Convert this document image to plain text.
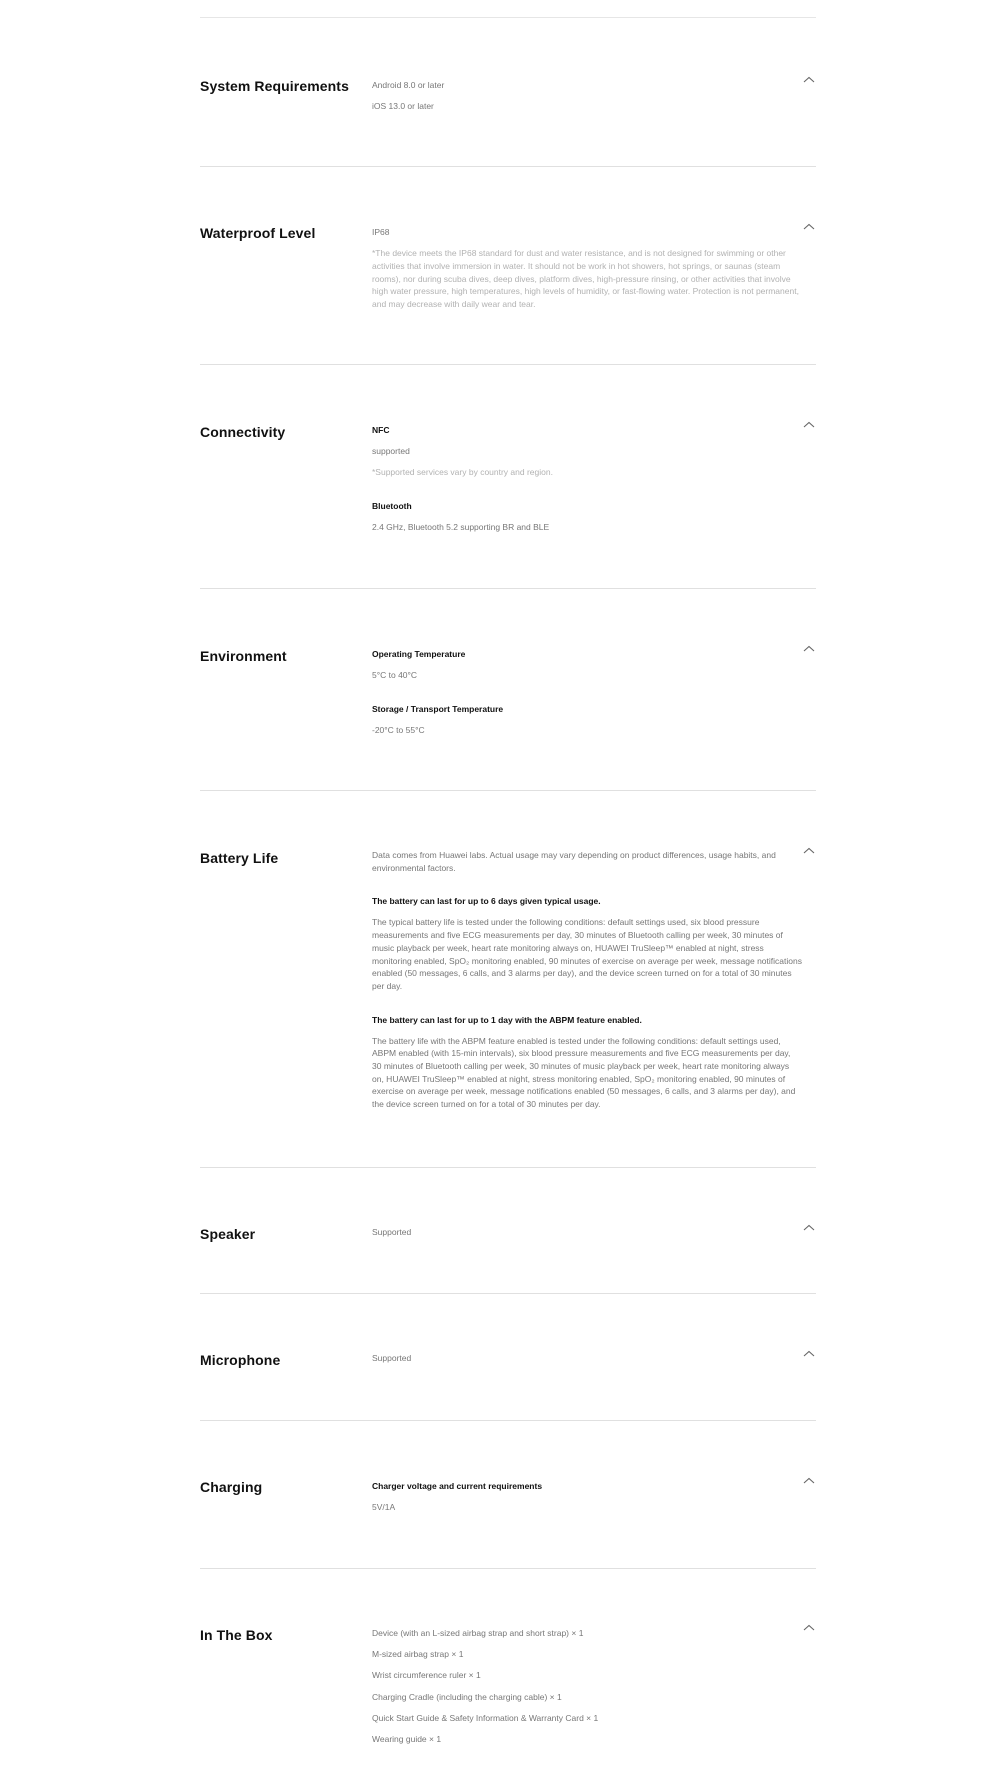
System Requirements	Android 8.0 or later

iOS 13.0 or later

Waterproof Level	IP68

*The device meets the IP68 standard for dust and water resistance, and is not designed for swimming or other activities that involve immersion in water. It should not be work in hot showers, hot springs, or saunas (steam rooms), nor during scuba dives, deep dives, platform dives, high-pressure rinsing, or other activities that involve high water pressure, high temperatures, high levels of humidity, or fast-flowing water. Protection is not permanent, and may decrease with daily wear and tear.

Connectivity	NFC

supported

*Supported services vary by country and region.

Bluetooth

2.4 GHz, Bluetooth 5.2 supporting BR and BLE

Environment	Operating Temperature

5°C to 40°C

Storage / Transport Temperature

-20°C to 55°C

Battery Life	Data comes from Huawei labs. Actual usage may vary depending on product differences, usage habits, and environmental factors.

The battery can last for up to 6 days given typical usage.

The typical battery life is tested under the following conditions: default settings used, six blood pressure measurements and five ECG measurements per day, 30 minutes of Bluetooth calling per week, 30 minutes of music playback per week, heart rate monitoring always on, HUAWEI TruSleep™ enabled at night, stress monitoring enabled, SpO₂ monitoring enabled, 90 minutes of exercise on average per week, message notifications enabled (50 messages, 6 calls, and 3 alarms per day), and the device screen turned on for a total of 30 minutes per day.

The battery can last for up to 1 day with the ABPM feature enabled.

The battery life with the ABPM feature enabled is tested under the following conditions: default settings used, ABPM enabled (with 15-min intervals), six blood pressure measurements and five ECG measurements per day, 30 minutes of Bluetooth calling per week, 30 minutes of music playback per week, heart rate monitoring always on, HUAWEI TruSleep™ enabled at night, stress monitoring enabled, SpO₂ monitoring enabled, 90 minutes of exercise on average per week, message notifications enabled (50 messages, 6 calls, and 3 alarms per day), and the device screen turned on for a total of 30 minutes per day.

Speaker	Supported

Microphone	Supported

Charging	Charger voltage and current requirements

5V/1A

In The Box	Device (with an L-sized airbag strap and short strap) × 1

M-sized airbag strap × 1

Wrist circumference ruler × 1

Charging Cradle (including the charging cable) × 1

Quick Start Guide & Safety Information & Warranty Card × 1

Wearing guide × 1
